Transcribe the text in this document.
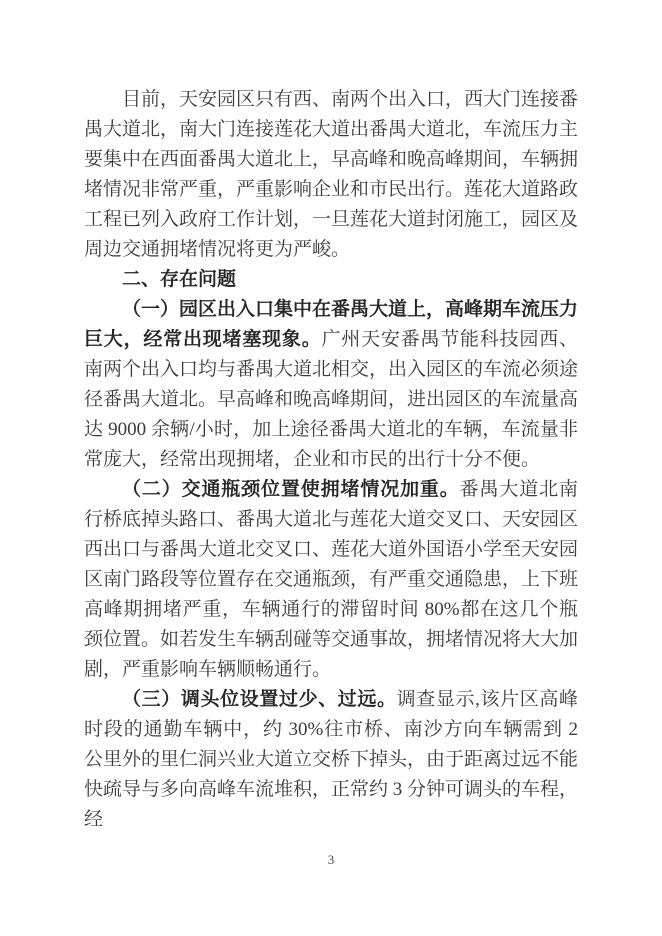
目前，天安园区只有西、南两个出入口，西大门连接番禺大道北，南大门连接莲花大道出番禺大道北，车流压力主要集中在西面番禺大道北上，早高峰和晚高峰期间，车辆拥堵情况非常严重，严重影响企业和市民出行。莲花大道路政工程已列入政府工作计划，一旦莲花大道封闭施工，园区及周边交通拥堵情况将更为严峻。

二、存在问题

（一）园区出入口集中在番禺大道上，高峰期车流压力巨大，经常出现堵塞现象。广州天安番禺节能科技园西、南两个出入口均与番禺大道北相交，出入园区的车流必须途径番禺大道北。早高峰和晚高峰期间，进出园区的车流量高达 9000 余辆/小时，加上途径番禺大道北的车辆，车流量非常庞大，经常出现拥堵，企业和市民的出行十分不便。

（二）交通瓶颈位置使拥堵情况加重。番禺大道北南行桥底掉头路口、番禺大道北与莲花大道交叉口、天安园区西出口与番禺大道北交叉口、莲花大道外国语小学至天安园区南门路段等位置存在交通瓶颈，有严重交通隐患，上下班高峰期拥堵严重，车辆通行的滞留时间 80%都在这几个瓶颈位置。如若发生车辆刮碰等交通事故，拥堵情况将大大加剧，严重影响车辆顺畅通行。

（三）调头位设置过少、过远。调查显示,该片区高峰时段的通勤车辆中，约 30%往市桥、南沙方向车辆需到 2 公里外的里仁洞兴业大道立交桥下掉头，由于距离过远不能快疏导与多向高峰车流堆积，正常约 3 分钟可调头的车程，经

3
